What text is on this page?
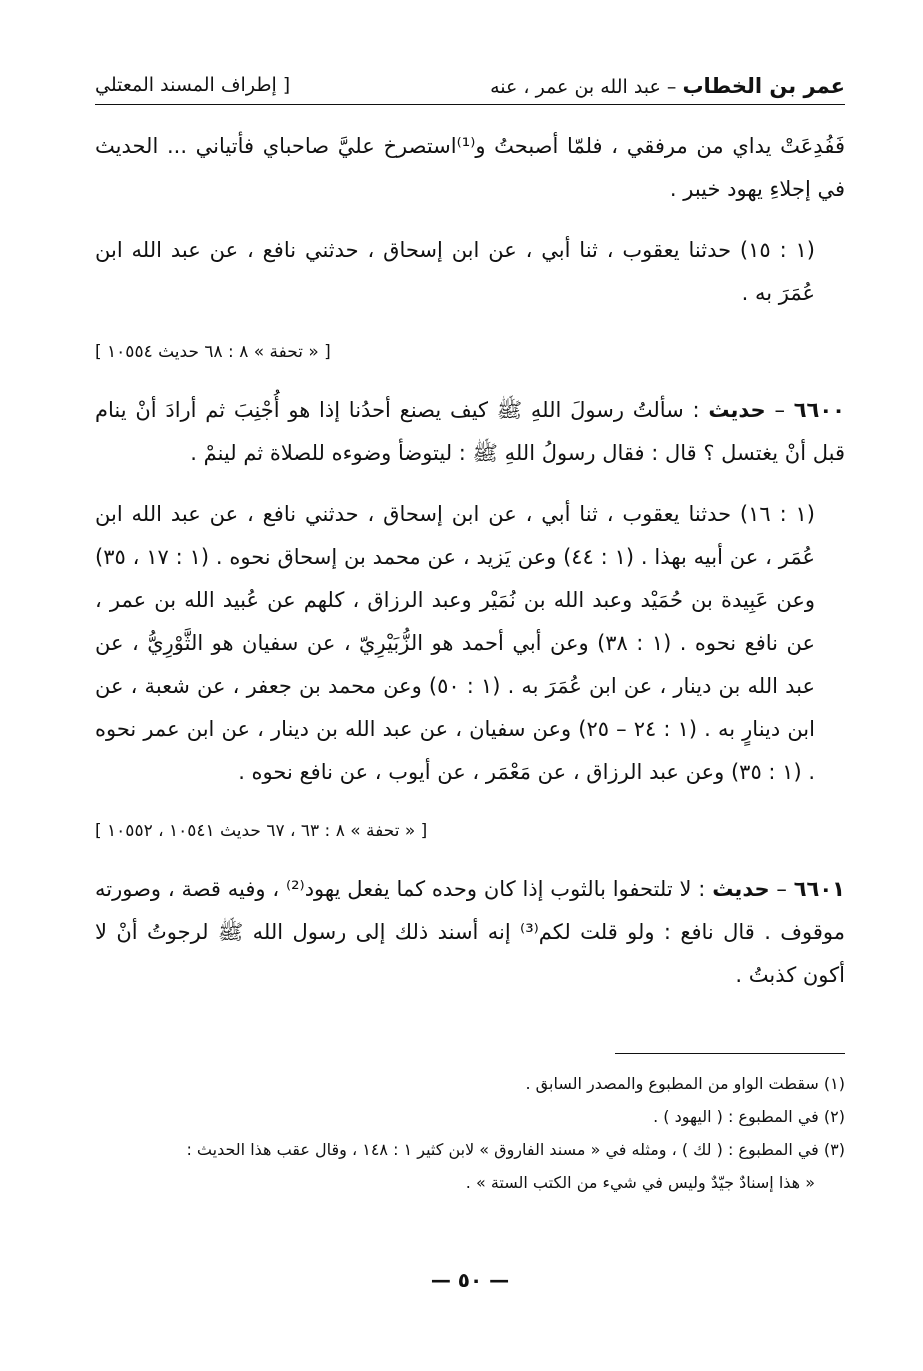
عمر بن الخطاب – عبد الله بن عمر ، عنه
[ إطراف المسند المعتلي

فَفُدِعَتْ يداي من مرفقي ، فلمّا أصبحتُ و⁽¹⁾استصرخ عليَّ صاحباي فأتياني ... الحديث في إجلاءِ يهود خيبر .

(١ : ١٥) حدثنا يعقوب ، ثنا أبي ، عن ابن إسحاق ، حدثني نافع ، عن عبد الله ابن عُمَرَ به .

[ « تحفة » ٨ : ٦٨ حديث ١٠٥٥٤ ]

٦٦٠٠ – حديث : سألتُ رسولَ اللهِ ﷺ كيف يصنع أحدُنا إذا هو أُجْنِبَ ثم أرادَ أنْ ينام قبل أنْ يغتسل ؟ قال : فقال رسولُ اللهِ ﷺ : ليتوضأ وضوءه للصلاة ثم لينمْ .

(١ : ١٦) حدثنا يعقوب ، ثنا أبي ، عن ابن إسحاق ، حدثني نافع ، عن عبد الله ابن عُمَر ، عن أبيه بهذا . (١ : ٤٤) وعن يَزيد ، عن محمد بن إسحاق نحوه . (١ : ١٧ ، ٣٥) وعن عَبِيدة بن حُمَيْد وعبد الله بن نُمَيْر وعبد الرزاق ، كلهم عن عُبيد الله بن عمر ، عن نافع نحوه . (١ : ٣٨) وعن أبي أحمد هو الزُّبَيْرِيّ ، عن سفيان هو الثَّوْرِيُّ ، عن عبد الله بن دينار ، عن ابن عُمَرَ به . (١ : ٥٠) وعن محمد بن جعفر ، عن شعبة ، عن ابن دينارٍ به . (١ : ٢٤ – ٢٥) وعن سفيان ، عن عبد الله بن دينار ، عن ابن عمر نحوه . (١ : ٣٥) وعن عبد الرزاق ، عن مَعْمَر ، عن أيوب ، عن نافع نحوه .

[ « تحفة » ٨ : ٦٣ ، ٦٧ حديث ١٠٥٤١ ، ١٠٥٥٢ ]

٦٦٠١ – حديث : لا تلتحفوا بالثوب إذا كان وحده كما يفعل يهود⁽²⁾ ، وفيه قصة ، وصورته موقوف . قال نافع : ولو قلت لكم⁽³⁾ إنه أسند ذلك إلى رسول الله ﷺ لرجوتُ أنْ لا أكون كذبتُ .

(١) سقطت الواو من المطبوع والمصدر السابق .

(٢) في المطبوع : ( اليهود ) .

(٣) في المطبوع : ( لك ) ، ومثله في « مسند الفاروق » لابن كثير ١ : ١٤٨ ، وقال عقب هذا الحديث :

« هذا إسنادٌ جيّدٌ وليس في شيء من الكتب الستة » .

— ٥٠ —
